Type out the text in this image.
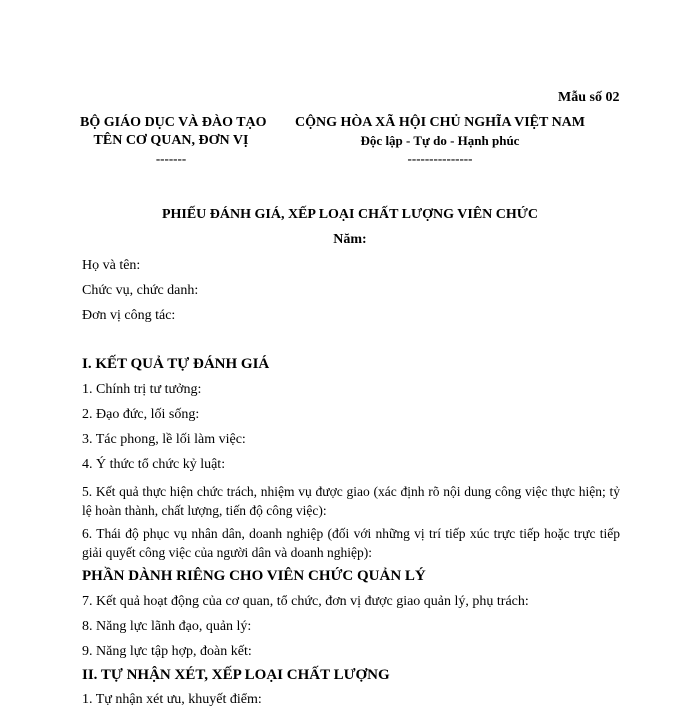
Mẫu số 02
BỘ GIÁO DỤC VÀ ĐÀO TẠO
TÊN CƠ QUAN, ĐƠN VỊ
-------
CỘNG HÒA XÃ HỘI CHỦ NGHĨA VIỆT NAM
Độc lập - Tự do - Hạnh phúc
---------------
PHIẾU ĐÁNH GIÁ, XẾP LOẠI CHẤT LƯỢNG VIÊN CHỨC
Năm:
Họ và tên:
Chức vụ, chức danh:
Đơn vị công tác:
I. KẾT QUẢ TỰ ĐÁNH GIÁ
1. Chính trị tư tưởng:
2. Đạo đức, lối sống:
3. Tác phong, lề lối làm việc:
4. Ý thức tổ chức kỷ luật:
5. Kết quả thực hiện chức trách, nhiệm vụ được giao (xác định rõ nội dung công việc thực hiện; tỷ lệ hoàn thành, chất lượng, tiến độ công việc):
6. Thái độ phục vụ nhân dân, doanh nghiệp (đối với những vị trí tiếp xúc trực tiếp hoặc trực tiếp giải quyết công việc của người dân và doanh nghiệp):
PHẦN DÀNH RIÊNG CHO VIÊN CHỨC QUẢN LÝ
7. Kết quả hoạt động của cơ quan, tổ chức, đơn vị được giao quản lý, phụ trách:
8. Năng lực lãnh đạo, quản lý:
9. Năng lực tập hợp, đoàn kết:
II. TỰ NHẬN XÉT, XẾP LOẠI CHẤT LƯỢNG
1. Tự nhận xét ưu, khuyết điểm:
